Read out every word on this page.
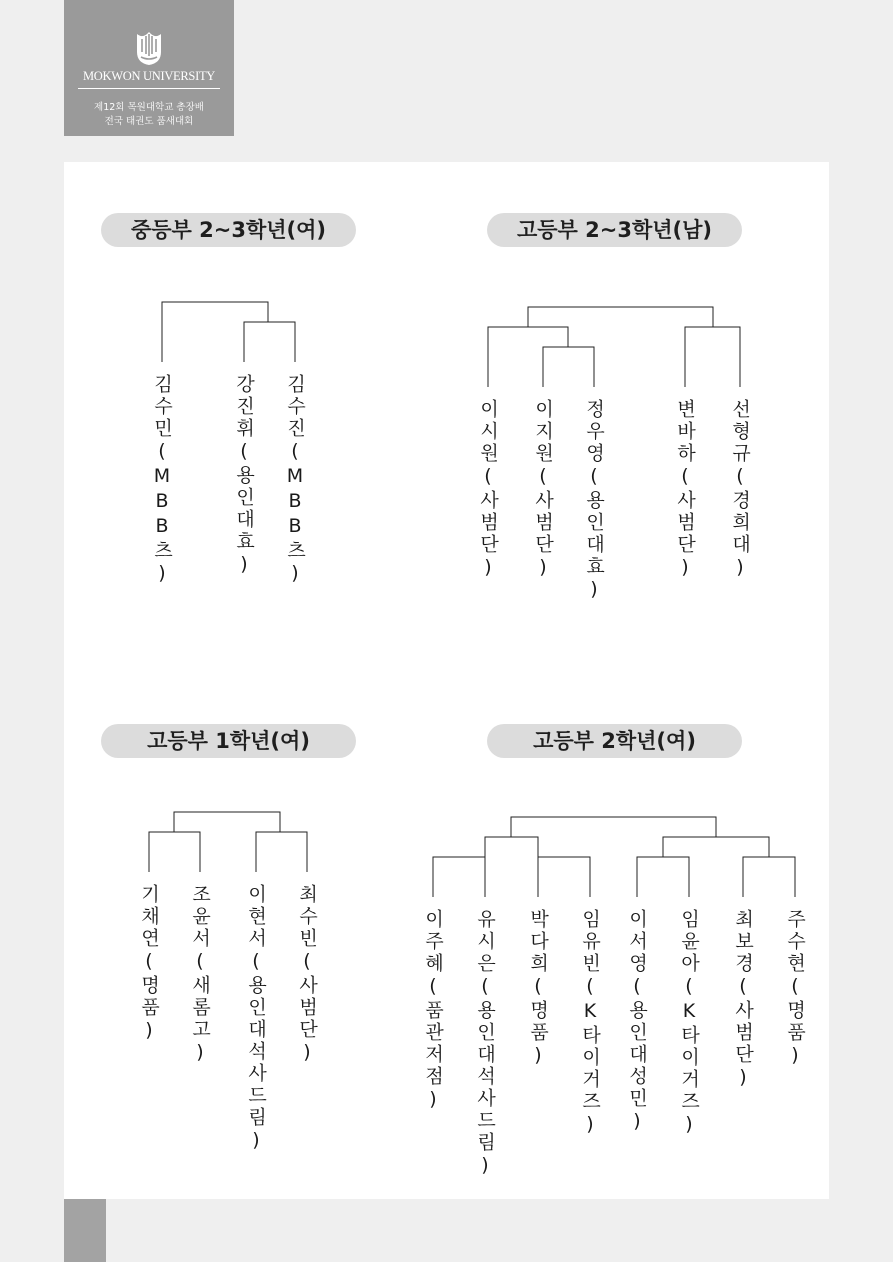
MOKWON UNIVERSITY
제12회 목원대학교 총장배
전국 태권도 품새대회
중등부 2~3학년(여)	고등부 2~3학년(남)
고등부 1학년(여)	고등부 2학년(여)
김수민(MBB츠)	강진휘(용인대효) 김수진(MBB츠)	이시원(사범단) 이지원(사범단) 정우영(용인대효)	변바하(사범단) 선형규(경희대)
기채연(명품) 조윤서(새롬고) 이현서(용인대석사드림) 최수빈(사범단)	이주혜(품관저점) 유시은(용인대석사드림) 박다희(명품) 임유빈(K타이거즈) 이서영(용인대성민) 임윤아(K타이거즈) 최보경(사범단) 주수현(명품)
